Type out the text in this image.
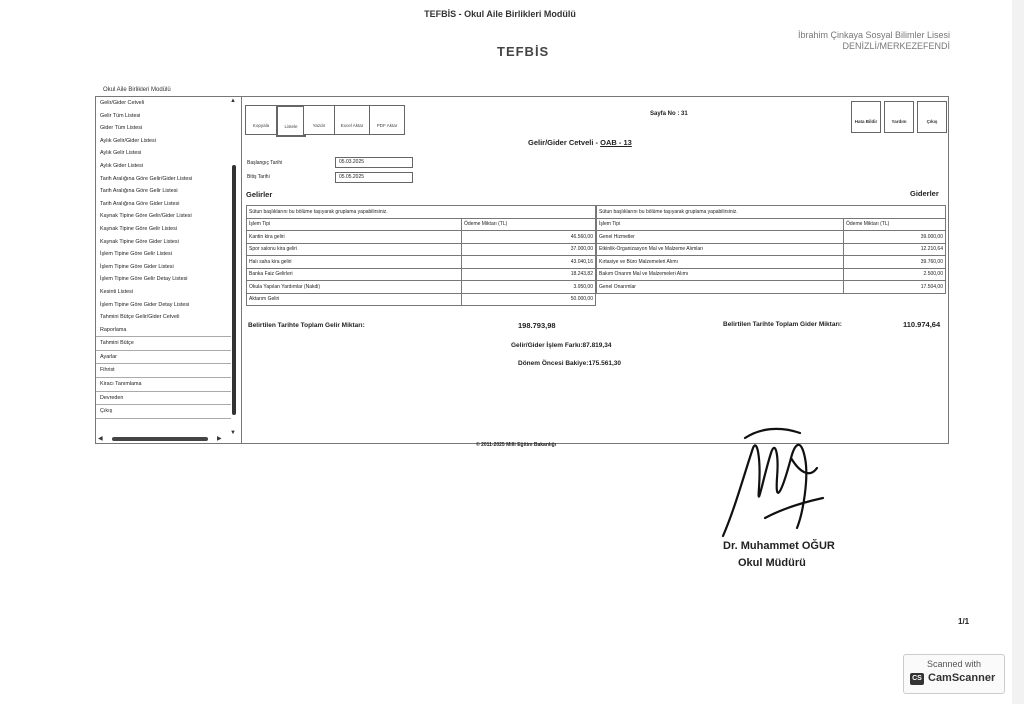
TEFBİS - Okul Aile Birlikleri Modülü
TEFBİS
İbrahim Çinkaya Sosyal Bilimler Lisesi
DENİZLİ/MERKEZEFENDİ
Okul Aile Birlikleri Modülü
Gelir/Gider Cetveli
Gelir Tüm Listesi
Gider Tüm Listesi
Aylık Gelir/Gider Listesi
Aylık Gelir Listesi
Aylık Gider Listesi
Tarih Aralığına Göre Gelir/Gider Listesi
Tarih Aralığına Göre Gelir Listesi
Tarih Aralığına Göre Gider Listesi
Kaynak Tipine Göre Gelir/Gider Listesi
Kaynak Tipine Göre Gelir Listesi
Kaynak Tipine Göre Gider Listesi
İşlem Tipine Göre Gelir Listesi
İşlem Tipine Göre Gider Listesi
İşlem Tipine Göre Gelir Detay Listesi
Kesinti Listesi
İşlem Tipine Göre Gider Detay Listesi
Tahmini Bütçe Gelir/Gider Cetveli
Raporlama
Tahmini Bütçe
Ayarlar
Fihrist
Kiracı Tanımlama
Devreden
Çıkış
▲
▼
◀	▶
Kopyala	Listele	Yazdır	Excel Aktar	PDF Aktar
Hata Bildir	Yardım	Çıkış
Sayfa No : 31
Gelir/Gider Cetveli - OAB - 13
Başlangıç Tarihi	05.03.2025
Bitiş Tarihi	05.05.2025
Gelirler	Giderler
Sütun başlıklarını bu bölüme taşıyarak gruplama yapabilirsiniz.	
İşlem Tipi	Ödeme Miktarı (TL)
Kantin kira geliri	46.560,00
Spor salonu kira geliri	37.000,00
Halı saha kira geliri	43.040,16
Banka Faiz Gelirleri	18.243,82
Okula Yapılan Yardımlar (Nakdi)	3.950,00
Aktarım Geliri	50.000,00
Sütun başlıklarını bu bölüme taşıyarak gruplama yapabilirsiniz.	
İşlem Tipi	Ödeme Miktarı (TL)
Genel Hizmetler	39.000,00
Etkinlik-Organizasyon Mal ve Malzeme Alımları	12.210,64
Kırtasiye ve Büro Malzemeleri Alımı	39.760,00
Bakım Onarım Mal ve Malzemeleri Alımı	2.500,00
Genel Onarımlar	17.504,00
Belirtilen Tarihte Toplam Gelir Miktarı:	198.793,98	Belirtilen Tarihte Toplam Gider Miktarı:	110.974,64
Gelir/Gider İşlem Farkı:87.819,34
Dönem Öncesi Bakiye:175.561,30
© 2011-2025 Milli Eğitim Bakanlığı
Dr. Muhammet OĞUR
Okul Müdürü
1/1
Scanned with
CS CamScanner
